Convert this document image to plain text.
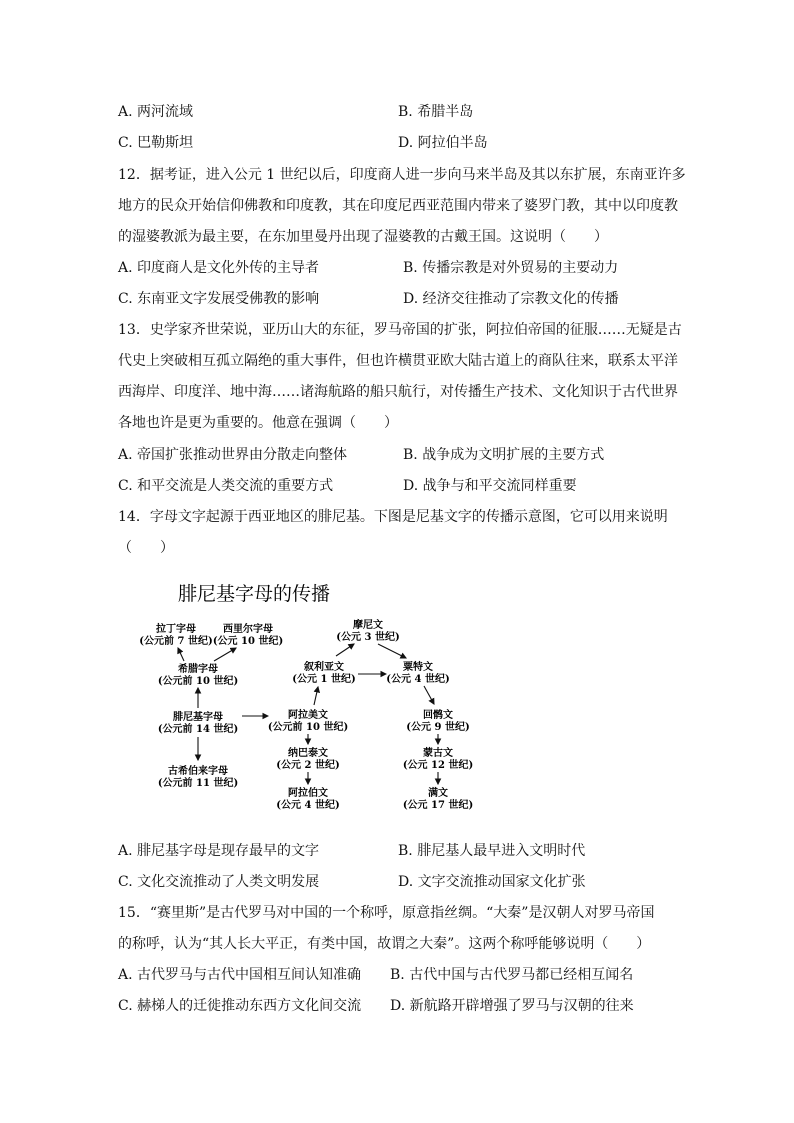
A. 两河流域	B. 希腊半岛
C. 巴勒斯坦	D. 阿拉伯半岛
12．据考证，进入公元 1 世纪以后，印度商人进一步向马来半岛及其以东扩展，东南亚许多
地方的民众开始信仰佛教和印度教，其在印度尼西亚范围内带来了婆罗门教，其中以印度教
的湿婆教派为最主要，在东加里曼丹出现了湿婆教的古戴王国。这说明（　　）
A. 印度商人是文化外传的主导者	B. 传播宗教是对外贸易的主要动力
C. 东南亚文字发展受佛教的影响	D. 经济交往推动了宗教文化的传播
13．史学家齐世荣说，亚历山大的东征，罗马帝国的扩张，阿拉伯帝国的征服……无疑是古
代史上突破相互孤立隔绝的重大事件，但也许横贯亚欧大陆古道上的商队往来，联系太平洋
西海岸、印度洋、地中海……诸海航路的船只航行，对传播生产技术、文化知识于古代世界
各地也许是更为重要的。他意在强调（　　）
A. 帝国扩张推动世界由分散走向整体	B. 战争成为文明扩展的主要方式
C. 和平交流是人类交流的重要方式	D. 战争与和平交流同样重要
14．字母文字起源于西亚地区的腓尼基。下图是尼基文字的传播示意图，它可以用来说明
（　　）
腓尼基字母的传播
拉丁字母
(公元前 7 世纪)
西里尔字母
(公元 10 世纪)
希腊字母
(公元前 10 世纪)
腓尼基字母
(公元前 14 世纪)
古希伯来字母
(公元前 11 世纪)
摩尼文
(公元 3 世纪)
叙利亚文
(公元 1 世纪)
粟特文
(公元 4 世纪)
阿拉美文
(公元前 10 世纪)
纳巴泰文
(公元 2 世纪)
阿拉伯文
(公元 4 世纪)
回鹘文
(公元 9 世纪)
蒙古文
(公元 12 世纪)
满文
(公元 17 世纪)
A. 腓尼基字母是现存最早的文字	B. 腓尼基人最早进入文明时代
C. 文化交流推动了人类文明发展	D. 文字交流推动国家文化扩张
15．“赛里斯”是古代罗马对中国的一个称呼，原意指丝绸。“大秦”是汉朝人对罗马帝国
的称呼，认为“其人长大平正，有类中国，故谓之大秦”。这两个称呼能够说明（　　）
A. 古代罗马与古代中国相互间认知准确 B. 古代中国与古代罗马都已经相互闻名
C. 赫梯人的迁徙推动东西方文化间交流 D. 新航路开辟增强了罗马与汉朝的往来
